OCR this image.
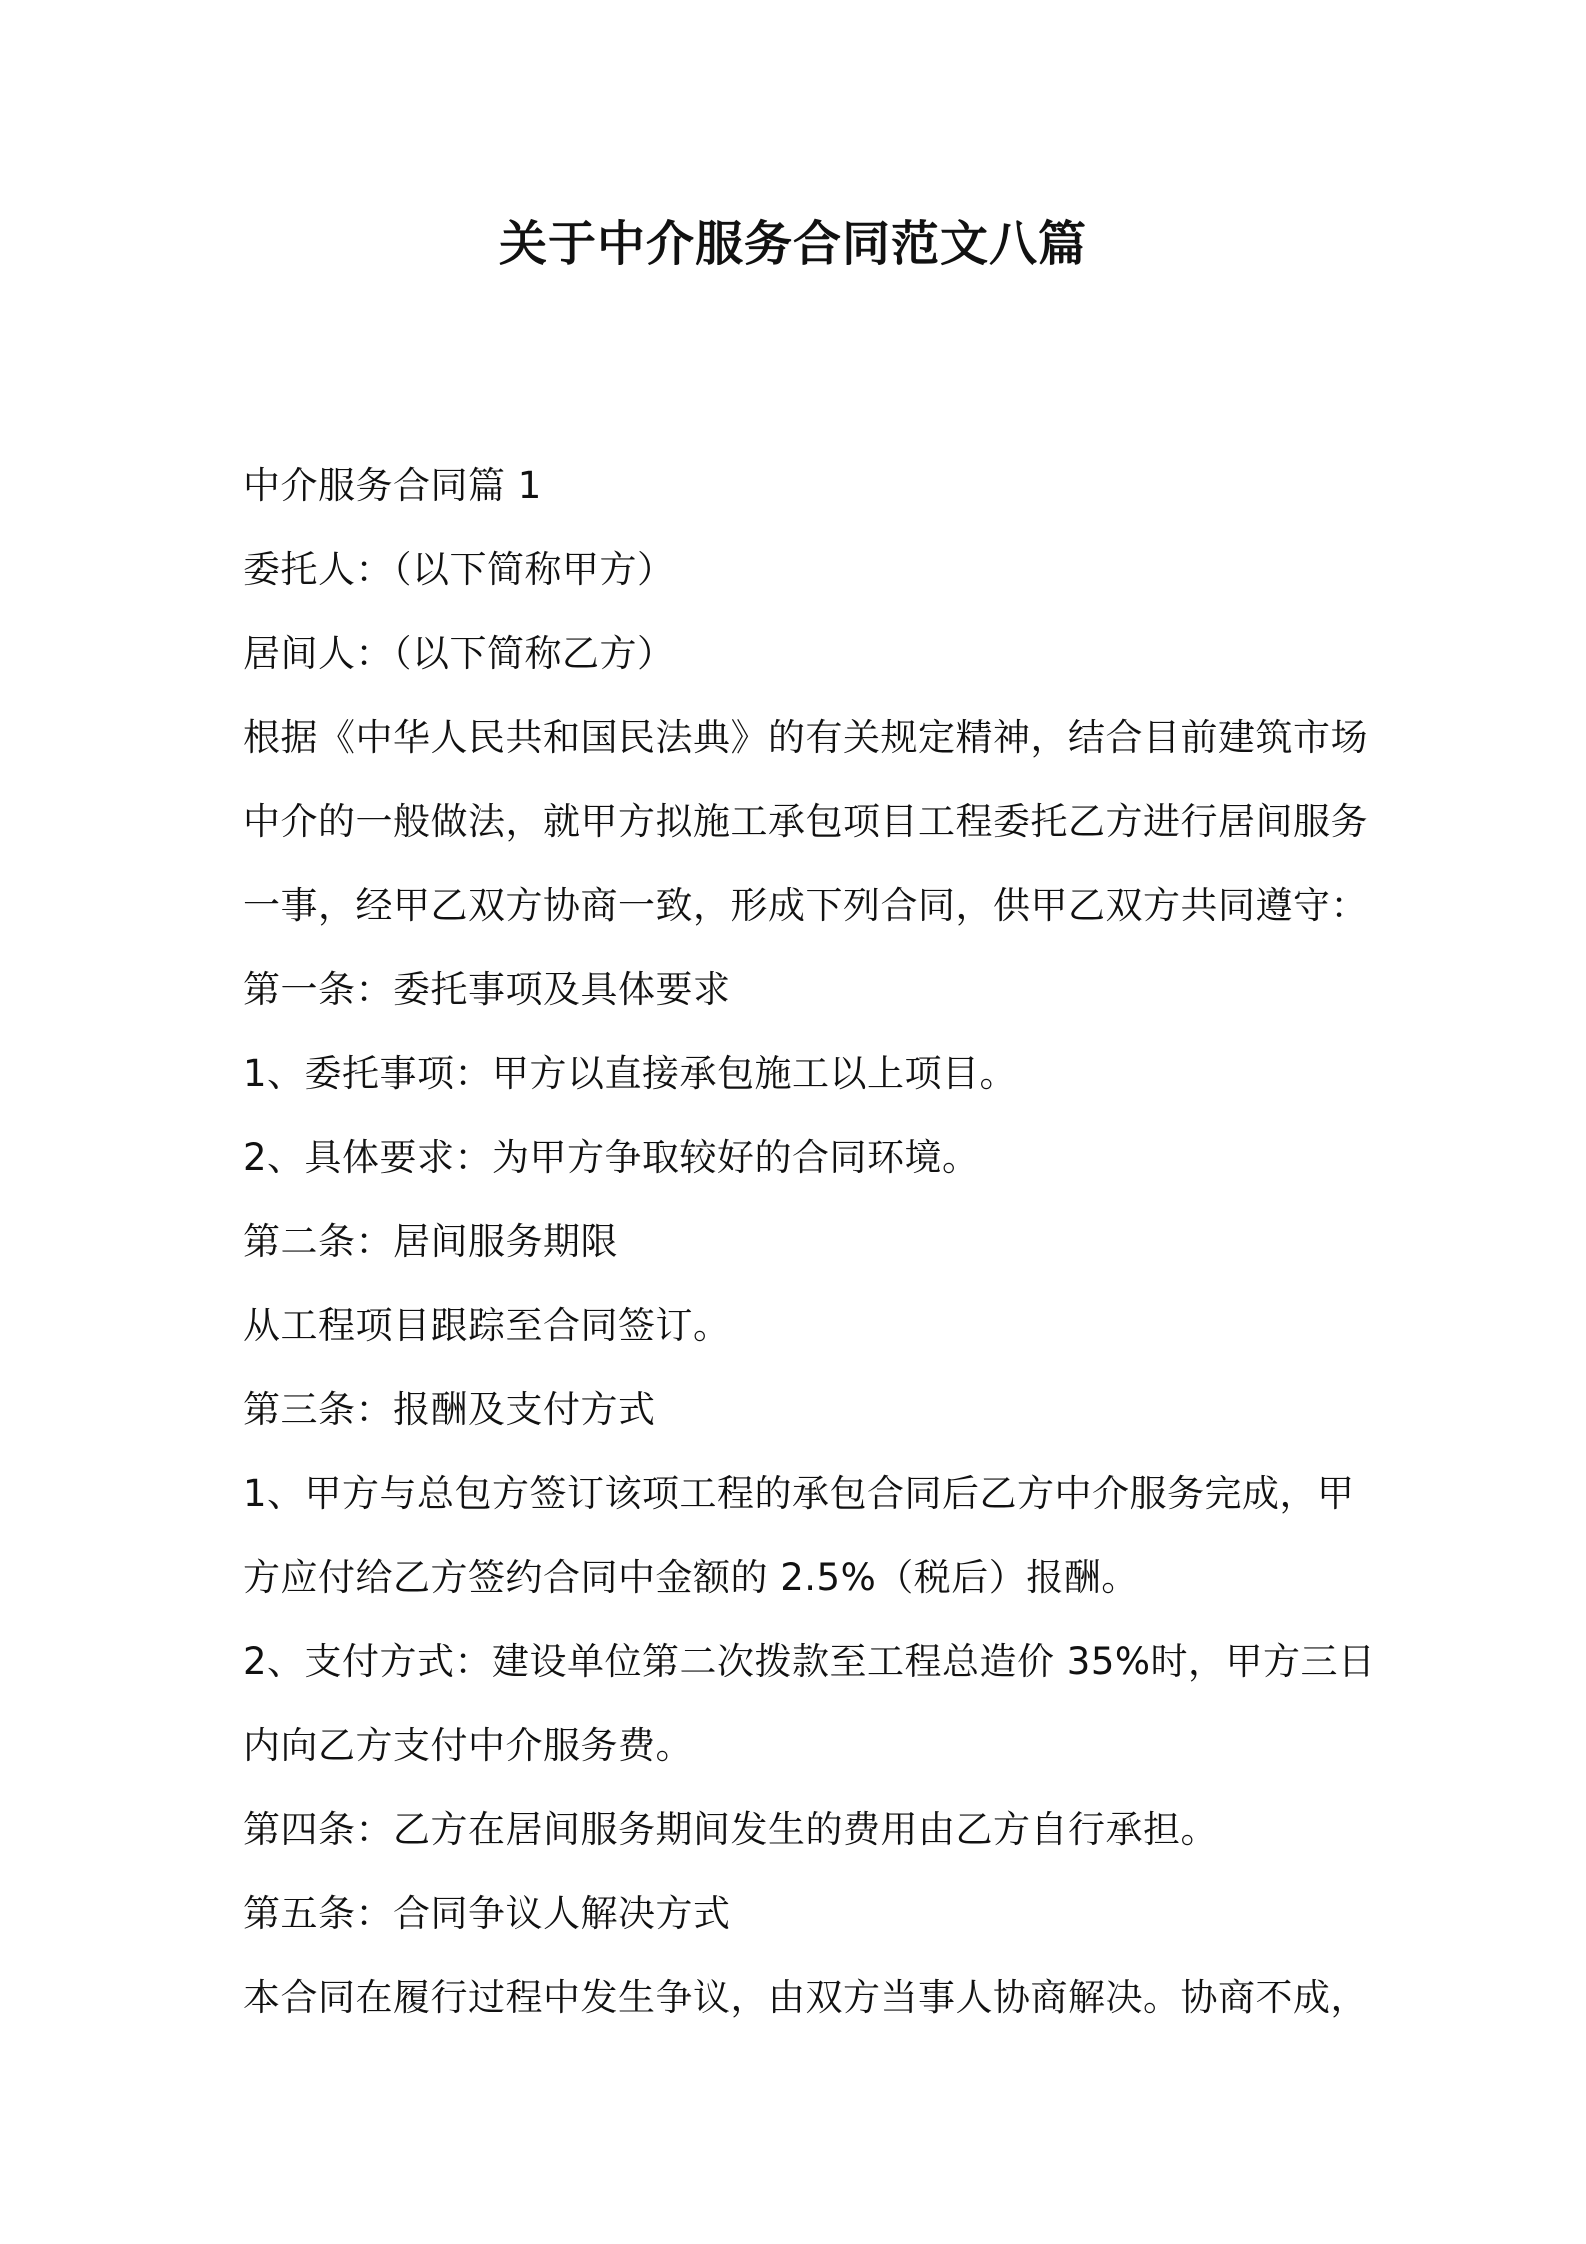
关于中介服务合同范文八篇
中介服务合同篇 1
委托人：（以下简称甲方）
居间人：（以下简称乙方）
根据《中华人民共和国民法典》的有关规定精神，结合目前建筑市场
中介的一般做法，就甲方拟施工承包项目工程委托乙方进行居间服务
一事，经甲乙双方协商一致，形成下列合同，供甲乙双方共同遵守：
第一条：委托事项及具体要求
1、委托事项：甲方以直接承包施工以上项目。
2、具体要求：为甲方争取较好的合同环境。
第二条：居间服务期限
从工程项目跟踪至合同签订。
第三条：报酬及支付方式
1、甲方与总包方签订该项工程的承包合同后乙方中介服务完成，甲
方应付给乙方签约合同中金额的 2.5%（税后）报酬。
2、支付方式：建设单位第二次拨款至工程总造价 35%时，甲方三日
内向乙方支付中介服务费。
第四条：乙方在居间服务期间发生的费用由乙方自行承担。
第五条：合同争议人解决方式
本合同在履行过程中发生争议，由双方当事人协商解决。协商不成，
